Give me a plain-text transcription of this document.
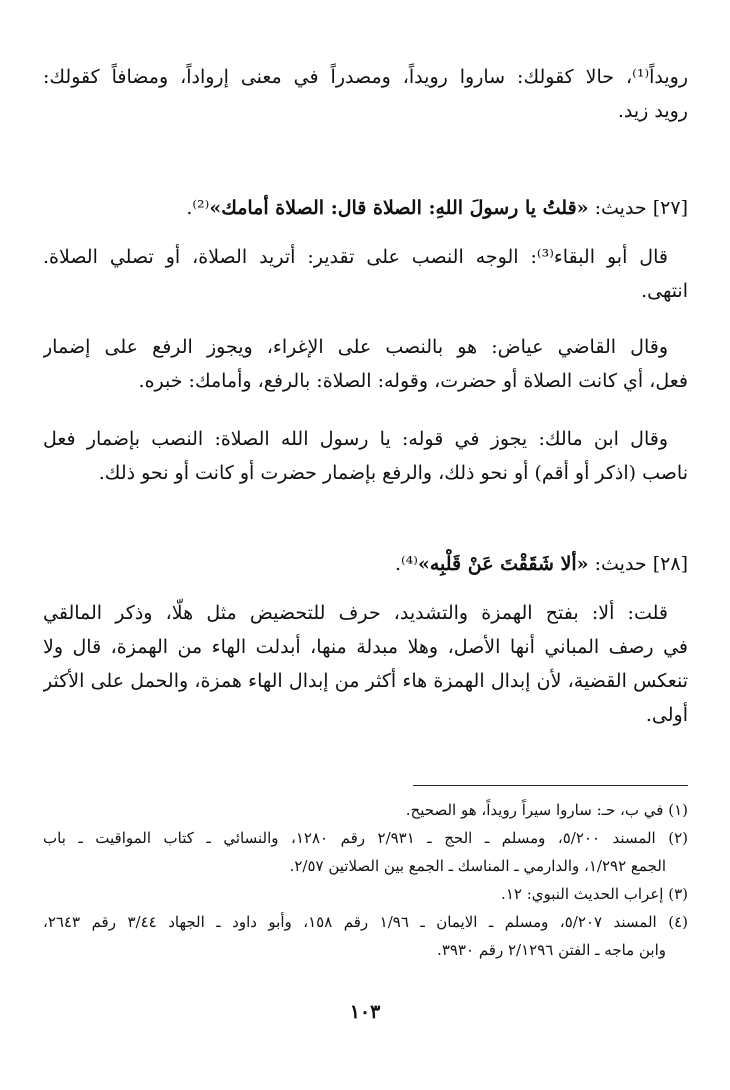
رويداً⁽¹⁾، حالا كقولك: ساروا رويداً، ومصدراً في معنى إرواداً، ومضافاً كقولك:
رويد زيد.
[٢٧] حديث: «قلتُ يا رسولَ اللهِ: الصلاة قال: الصلاة أمامك»⁽²⁾.
قال أبو البقاء⁽³⁾: الوجه النصب على تقدير: أتريد الصلاة، أو تصلي الصلاة.
انتهى.
وقال القاضي عياض: هو بالنصب على الإغراء، ويجوز الرفع على إضمار
فعل، أي كانت الصلاة أو حضرت، وقوله: الصلاة: بالرفع، وأمامك: خبره.
وقال ابن مالك: يجوز في قوله: يا رسول الله الصلاة: النصب بإضمار فعل
ناصب (اذكر أو أقم) أو نحو ذلك، والرفع بإضمار حضرت أو كانت أو نحو ذلك.
[٢٨] حديث: «ألا شَقَقْتَ عَنْ قَلْبِه»⁽⁴⁾.
قلت: ألا: بفتح الهمزة والتشديد، حرف للتحضيض مثل هلّا، وذكر المالقي
في رصف المباني أنها الأصل، وهلا مبدلة منها، أبدلت الهاء من الهمزة، قال ولا
تنعكس القضية، لأن إبدال الهمزة هاء أكثر من إبدال الهاء همزة، والحمل على الأكثر
أولى.
(١) في ب، حـ: ساروا سيراً رويداً، هو الصحيح.
(٢) المسند ٥/٢٠٠، ومسلم ـ الحج ـ ٢/٩٣١ رقم ١٢٨٠، والنسائي ـ كتاب المواقيت ـ باب
الجمع ١/٢٩٢، والدارمي ـ المناسك ـ الجمع بين الصلاتين ٢/٥٧.
(٣) إعراب الحديث النبوي: ١٢.
(٤) المسند ٥/٢٠٧، ومسلم ـ الايمان ـ ١/٩٦ رقم ١٥٨، وأبو داود ـ الجهاد ٣/٤٤ رقم ٢٦٤٣،
وابن ماجه ـ الفتن ٢/١٢٩٦ رقم ٣٩٣٠.
١٠٣
